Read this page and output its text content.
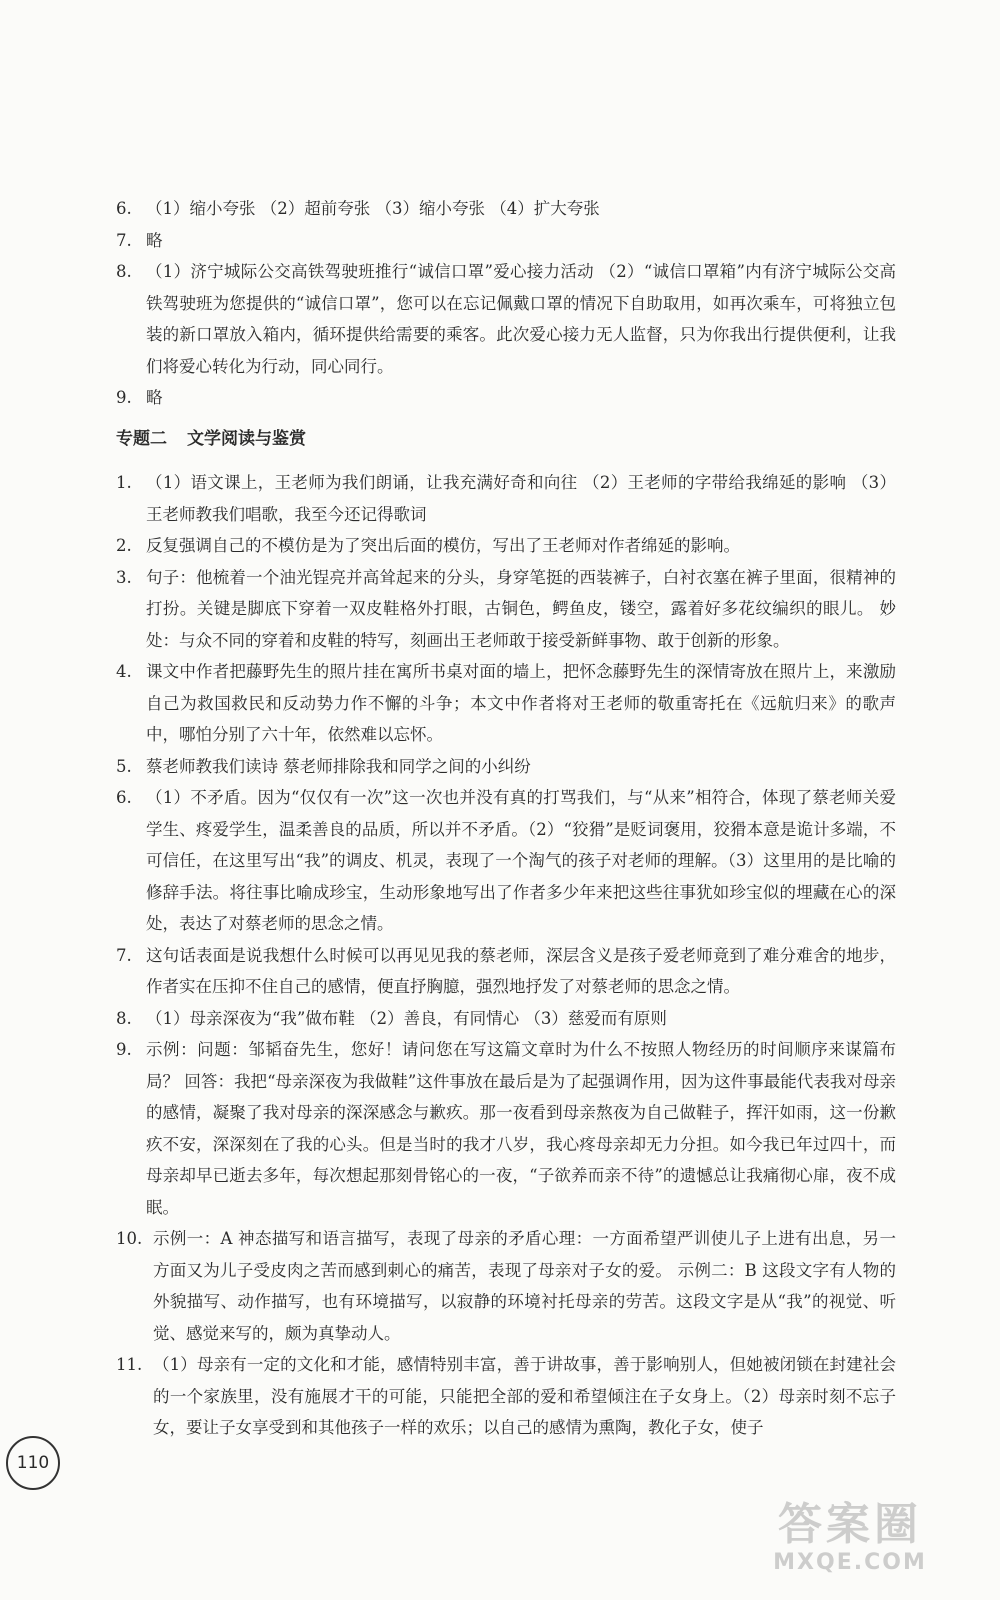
6. （1）缩小夸张 （2）超前夸张 （3）缩小夸张 （4）扩大夸张
7. 略
8. （1）济宁城际公交高铁驾驶班推行“诚信口罩”爱心接力活动 （2）“诚信口罩箱”内有济宁城际公交高铁驾驶班为您提供的“诚信口罩”，您可以在忘记佩戴口罩的情况下自助取用，如再次乘车，可将独立包装的新口罩放入箱内，循环提供给需要的乘客。此次爱心接力无人监督，只为你我出行提供便利，让我们将爱心转化为行动，同心同行。
9. 略
专题二 文学阅读与鉴赏
1. （1）语文课上，王老师为我们朗诵，让我充满好奇和向往 （2）王老师的字带给我绵延的影响 （3）王老师教我们唱歌，我至今还记得歌词
2. 反复强调自己的不模仿是为了突出后面的模仿，写出了王老师对作者绵延的影响。
3. 句子：他梳着一个油光锃亮并高耸起来的分头，身穿笔挺的西装裤子，白衬衣塞在裤子里面，很精神的打扮。关键是脚底下穿着一双皮鞋格外打眼，古铜色，鳄鱼皮，镂空，露着好多花纹编织的眼儿。 妙处：与众不同的穿着和皮鞋的特写，刻画出王老师敢于接受新鲜事物、敢于创新的形象。
4. 课文中作者把藤野先生的照片挂在寓所书桌对面的墙上，把怀念藤野先生的深情寄放在照片上，来激励自己为救国救民和反动势力作不懈的斗争；本文中作者将对王老师的敬重寄托在《远航归来》的歌声中，哪怕分别了六十年，依然难以忘怀。
5. 蔡老师教我们读诗 蔡老师排除我和同学之间的小纠纷
6. （1）不矛盾。因为“仅仅有一次”这一次也并没有真的打骂我们，与“从来”相符合，体现了蔡老师关爱学生、疼爱学生，温柔善良的品质，所以并不矛盾。（2）“狡猾”是贬词褒用，狡猾本意是诡计多端，不可信任，在这里写出“我”的调皮、机灵，表现了一个淘气的孩子对老师的理解。（3）这里用的是比喻的修辞手法。将往事比喻成珍宝，生动形象地写出了作者多少年来把这些往事犹如珍宝似的埋藏在心的深处，表达了对蔡老师的思念之情。
7. 这句话表面是说我想什么时候可以再见见我的蔡老师，深层含义是孩子爱老师竟到了难分难舍的地步，作者实在压抑不住自己的感情，便直抒胸臆，强烈地抒发了对蔡老师的思念之情。
8. （1）母亲深夜为“我”做布鞋 （2）善良，有同情心 （3）慈爱而有原则
9. 示例：问题：邹韬奋先生，您好！请问您在写这篇文章时为什么不按照人物经历的时间顺序来谋篇布局？ 回答：我把“母亲深夜为我做鞋”这件事放在最后是为了起强调作用，因为这件事最能代表我对母亲的感情，凝聚了我对母亲的深深感念与歉疚。那一夜看到母亲熬夜为自己做鞋子，挥汗如雨，这一份歉疚不安，深深刻在了我的心头。但是当时的我才八岁，我心疼母亲却无力分担。如今我已年过四十，而母亲却早已逝去多年，每次想起那刻骨铭心的一夜，“子欲养而亲不待”的遗憾总让我痛彻心扉，夜不成眠。
10. 示例一：A 神态描写和语言描写，表现了母亲的矛盾心理：一方面希望严训使儿子上进有出息，另一方面又为儿子受皮肉之苦而感到刺心的痛苦，表现了母亲对子女的爱。 示例二：B 这段文字有人物的外貌描写、动作描写，也有环境描写，以寂静的环境衬托母亲的劳苦。这段文字是从“我”的视觉、听觉、感觉来写的，颇为真挚动人。
11. （1）母亲有一定的文化和才能，感情特别丰富，善于讲故事，善于影响别人，但她被闭锁在封建社会的一个家族里，没有施展才干的可能，只能把全部的爱和希望倾注在子女身上。（2）母亲时刻不忘子女，要让子女享受到和其他孩子一样的欢乐；以自己的感情为熏陶，教化子女，使子
110
答案圈
MXQE.COM
